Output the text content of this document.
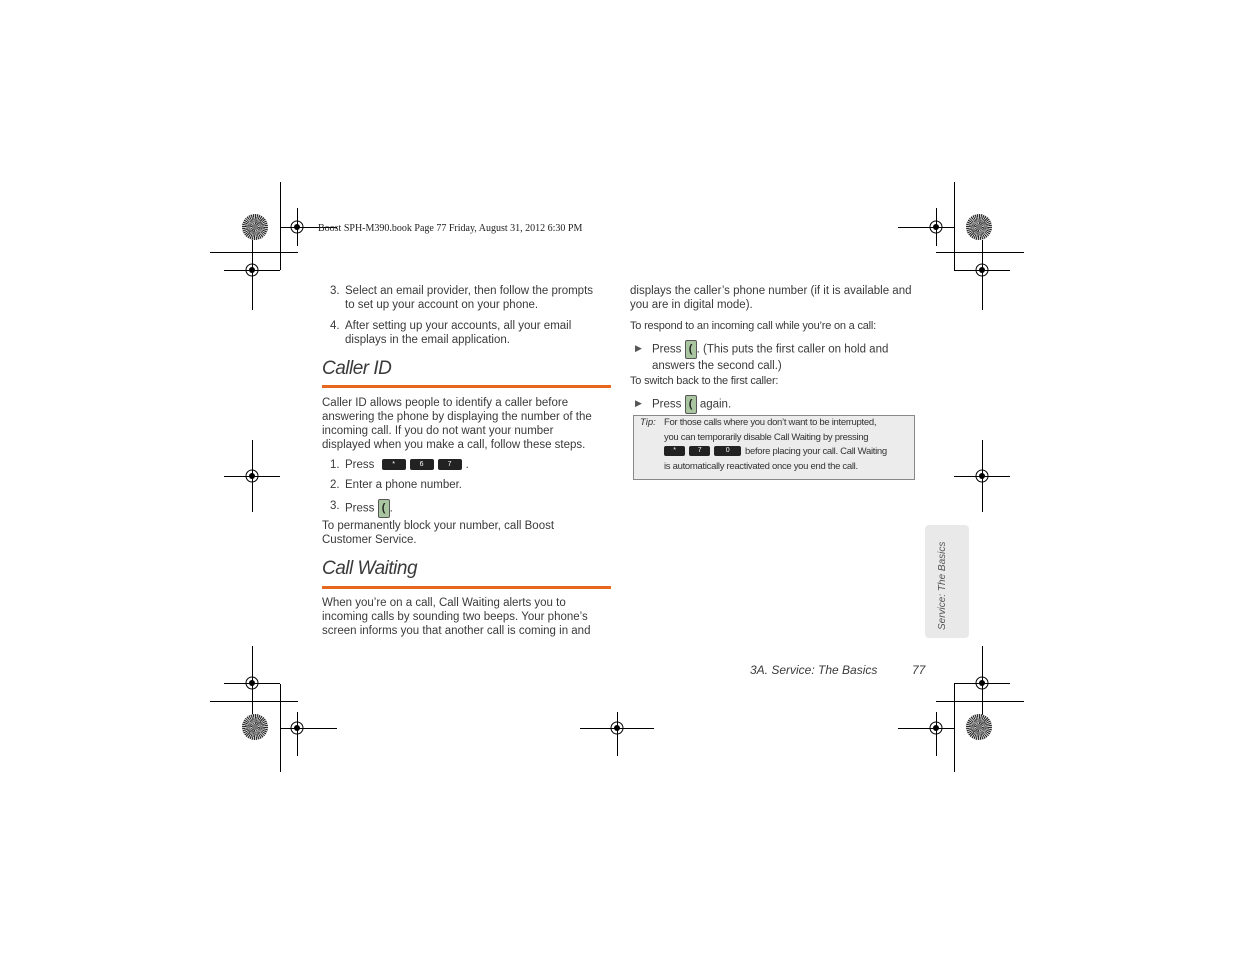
Boost SPH-M390.book Page 77 Friday, August 31, 2012 6:30 PM
3. Select an email provider, then follow the prompts
to set up your account on your phone.
4. After setting up your accounts, all your email
displays in the email application.
Caller ID
Caller ID allows people to identify a caller before
answering the phone by displaying the number of the
incoming call. If you do not want your number
displayed when you make a call, follow these steps.
1. Press	*	6	7 .
2. Enter a phone number.
3. Press ( .
To permanently block your number, call Boost
Customer Service.
Call Waiting
When you’re on a call, Call Waiting alerts you to
incoming calls by sounding two beeps. Your phone’s
screen informs you that another call is coming in and
displays the caller’s phone number (if it is available and
you are in digital mode).
To respond to an incoming call while you’re on a call:
▶ Press ( . (This puts the first caller on hold and
answers the second call.)
To switch back to the first caller:
▶ Press ( again.
Tip: For those calls where you don’t want to be interrupted,
you can temporarily disable Call Waiting by pressing
*	7	0 before placing your call. Call Waiting
is automatically reactivated once you end the call.
Service: The Basics
3A. Service: The Basics	77
